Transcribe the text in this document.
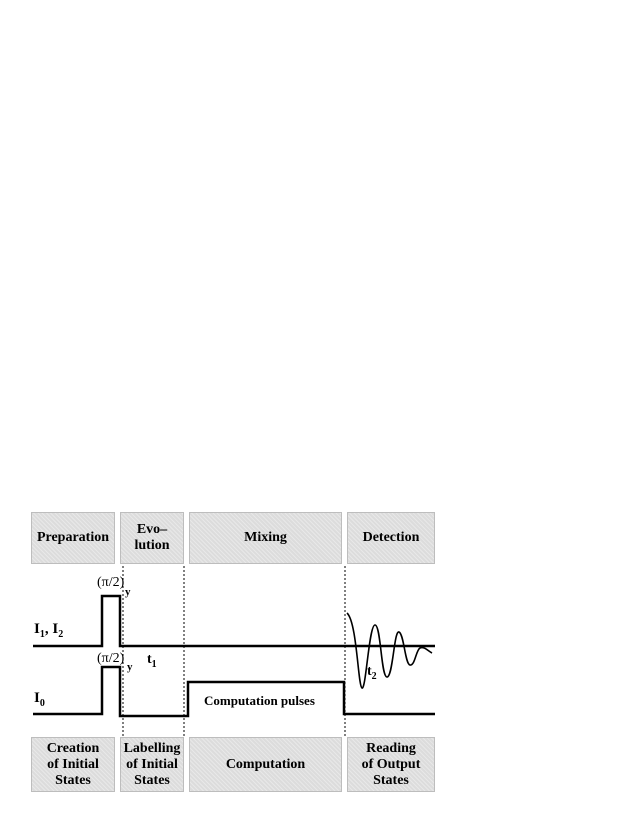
Preparation
Evo–
lution
Mixing	Detection
Creation
of Initial
States
Labelling
of Initial
States
Computation
Reading
of Output
States
(π/2)
y
(π/2)
y
$I_1$, $I_2$
$I_0$
$t_1$	$t_2$
Computation pulses
